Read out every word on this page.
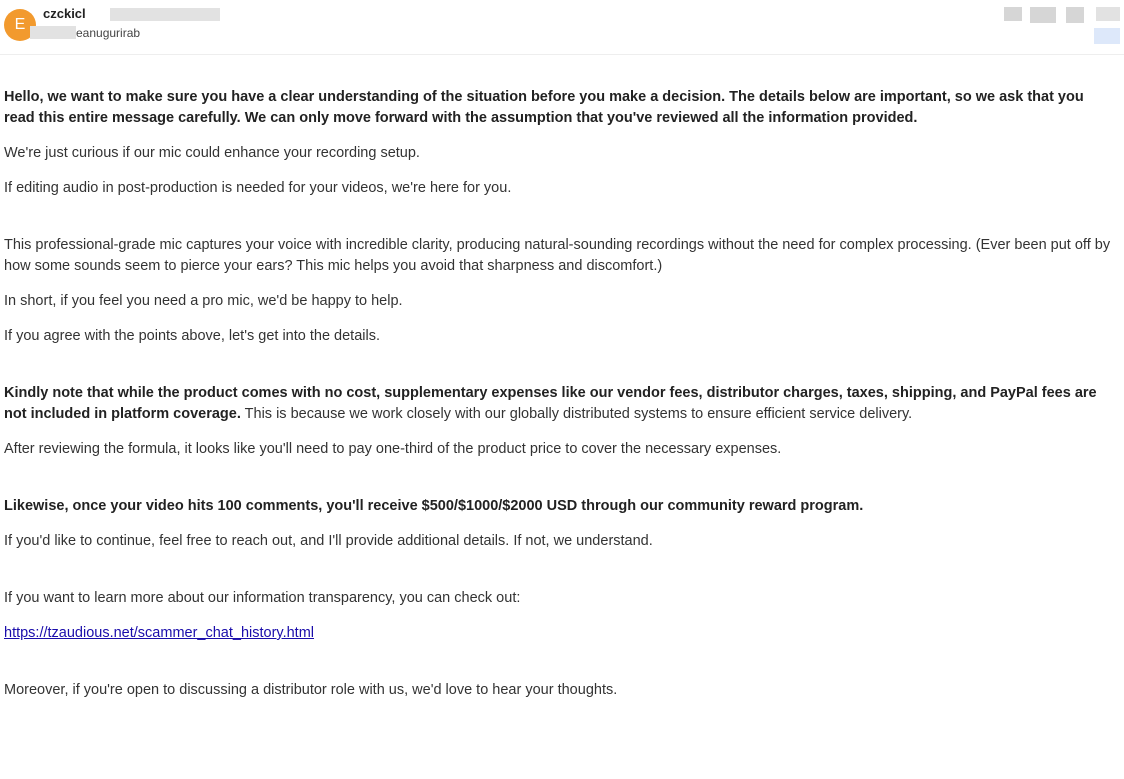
E
czckicl
eanugurirab

Hello, we want to make sure you have a clear understanding of the situation before you make a decision. The details below are important, so we ask that you read this entire message carefully. We can only move forward with the assumption that you've reviewed all the information provided.

We're just curious if our mic could enhance your recording setup.

If editing audio in post-production is needed for your videos, we're here for you.

This professional-grade mic captures your voice with incredible clarity, producing natural-sounding recordings without the need for complex processing. (Ever been put off by how some sounds seem to pierce your ears? This mic helps you avoid that sharpness and discomfort.)

In short, if you feel you need a pro mic, we'd be happy to help.

If you agree with the points above, let's get into the details.

Kindly note that while the product comes with no cost, supplementary expenses like our vendor fees, distributor charges, taxes, shipping, and PayPal fees are not included in platform coverage. This is because we work closely with our globally distributed systems to ensure efficient service delivery.

After reviewing the formula, it looks like you'll need to pay one-third of the product price to cover the necessary expenses.

Likewise, once your video hits 100 comments, you'll receive $500/$1000/$2000 USD through our community reward program.

If you'd like to continue, feel free to reach out, and I'll provide additional details. If not, we understand.

If you want to learn more about our information transparency, you can check out:

https://tzaudious.net/scammer_chat_history.html

Moreover, if you're open to discussing a distributor role with us, we'd love to hear your thoughts.
